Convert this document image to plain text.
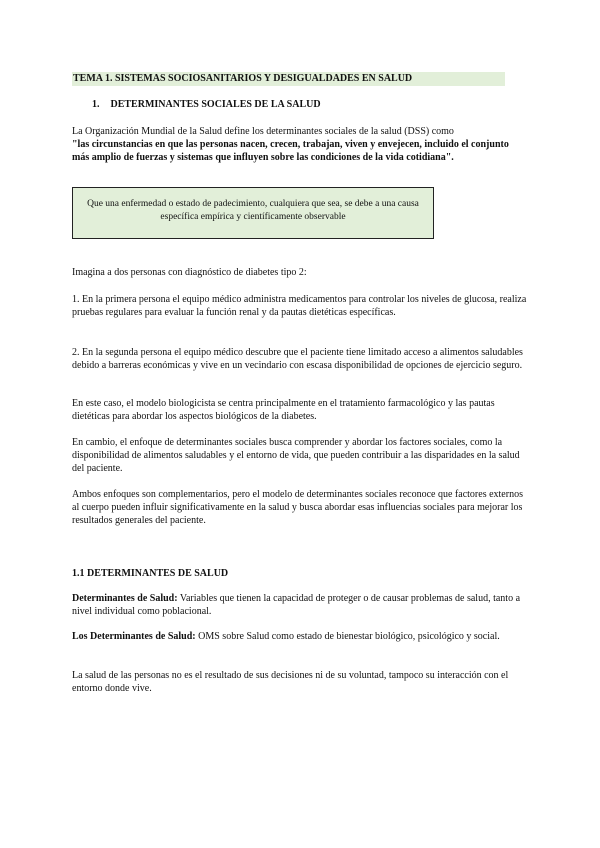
TEMA 1. SISTEMAS SOCIOSANITARIOS Y DESIGUALDADES EN SALUD
1. DETERMINANTES SOCIALES DE LA SALUD
La Organización Mundial de la Salud define los determinantes sociales de la salud (DSS) como
"las circunstancias en que las personas nacen, crecen, trabajan, viven y envejecen, incluido el conjunto más amplio de fuerzas y sistemas que influyen sobre las condiciones de la vida cotidiana".
Que una enfermedad o estado de padecimiento, cualquiera que sea, se debe a una causa específica empírica y científicamente observable
Imagina a dos personas con diagnóstico de diabetes tipo 2:
1. En la primera persona el equipo médico administra medicamentos para controlar los niveles de glucosa, realiza pruebas regulares para evaluar la función renal y da pautas dietéticas específicas.
2. En la segunda persona el equipo médico descubre que el paciente tiene limitado acceso a alimentos saludables debido a barreras económicas y vive en un vecindario con escasa disponibilidad de opciones de ejercicio seguro.
En este caso, el modelo biologicista se centra principalmente en el tratamiento farmacológico y las pautas dietéticas para abordar los aspectos biológicos de la diabetes.
En cambio, el enfoque de determinantes sociales busca comprender y abordar los factores sociales, como la disponibilidad de alimentos saludables y el entorno de vida, que pueden contribuir a las disparidades en la salud del paciente.
Ambos enfoques son complementarios, pero el modelo de determinantes sociales reconoce que factores externos al cuerpo pueden influir significativamente en la salud y busca abordar esas influencias sociales para mejorar los resultados generales del paciente.
1.1 DETERMINANTES DE SALUD
Determinantes de Salud: Variables que tienen la capacidad de proteger o de causar problemas de salud, tanto a nivel individual como poblacional.
Los Determinantes de Salud: OMS sobre Salud como estado de bienestar biológico, psicológico y social.
La salud de las personas no es el resultado de sus decisiones ni de su voluntad, tampoco su interacción con el entorno donde vive.
